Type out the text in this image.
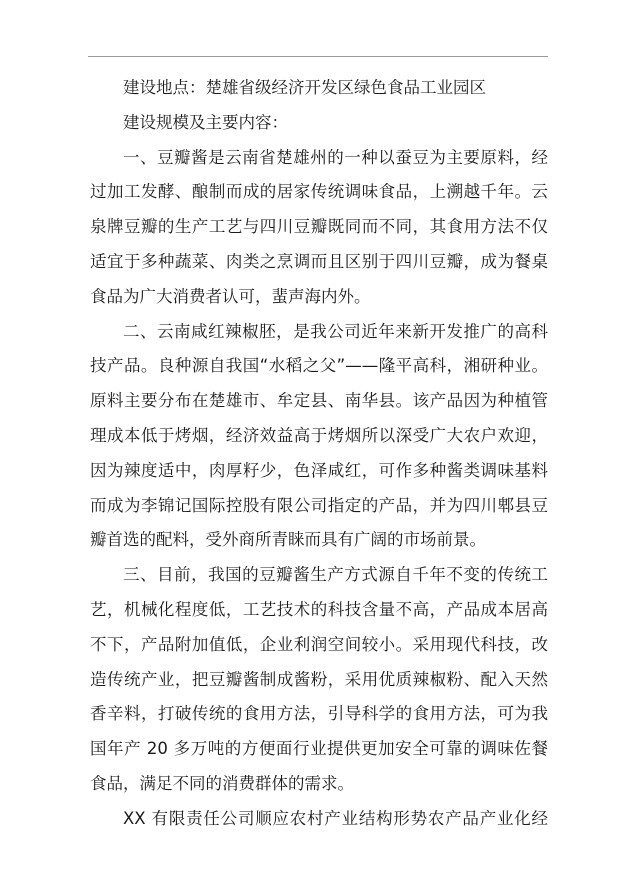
建设地点：楚雄省级经济开发区绿色食品工业园区
建设规模及主要内容：
一、豆瓣酱是云南省楚雄州的一种以蚕豆为主要原料，经
过加工发酵、酿制而成的居家传统调味食品，上溯越千年。云
泉牌豆瓣的生产工艺与四川豆瓣既同而不同，其食用方法不仅
适宜于多种蔬菜、肉类之烹调而且区别于四川豆瓣，成为餐桌
食品为广大消费者认可，蜚声海内外。
二、云南咸红辣椒胚，是我公司近年来新开发推广的高科
技产品。良种源自我国“水稻之父”——隆平高科，湘研种业。
原料主要分布在楚雄市、牟定县、南华县。该产品因为种植管
理成本低于烤烟，经济效益高于烤烟所以深受广大农户欢迎，
因为辣度适中，肉厚籽少，色泽咸红，可作多种酱类调味基料
而成为李锦记国际控股有限公司指定的产品，并为四川郫县豆
瓣首选的配料，受外商所青睐而具有广阔的市场前景。
三、目前，我国的豆瓣酱生产方式源自千年不变的传统工
艺，机械化程度低，工艺技术的科技含量不高，产品成本居高
不下，产品附加值低，企业利润空间较小。采用现代科技，改
造传统产业，把豆瓣酱制成酱粉，采用优质辣椒粉、配入天然
香辛料，打破传统的食用方法，引导科学的食用方法，可为我
国年产 20 多万吨的方便面行业提供更加安全可靠的调味佐餐
食品，满足不同的消费群体的需求。
XX 有限责任公司顺应农村产业结构形势农产品产业化经
